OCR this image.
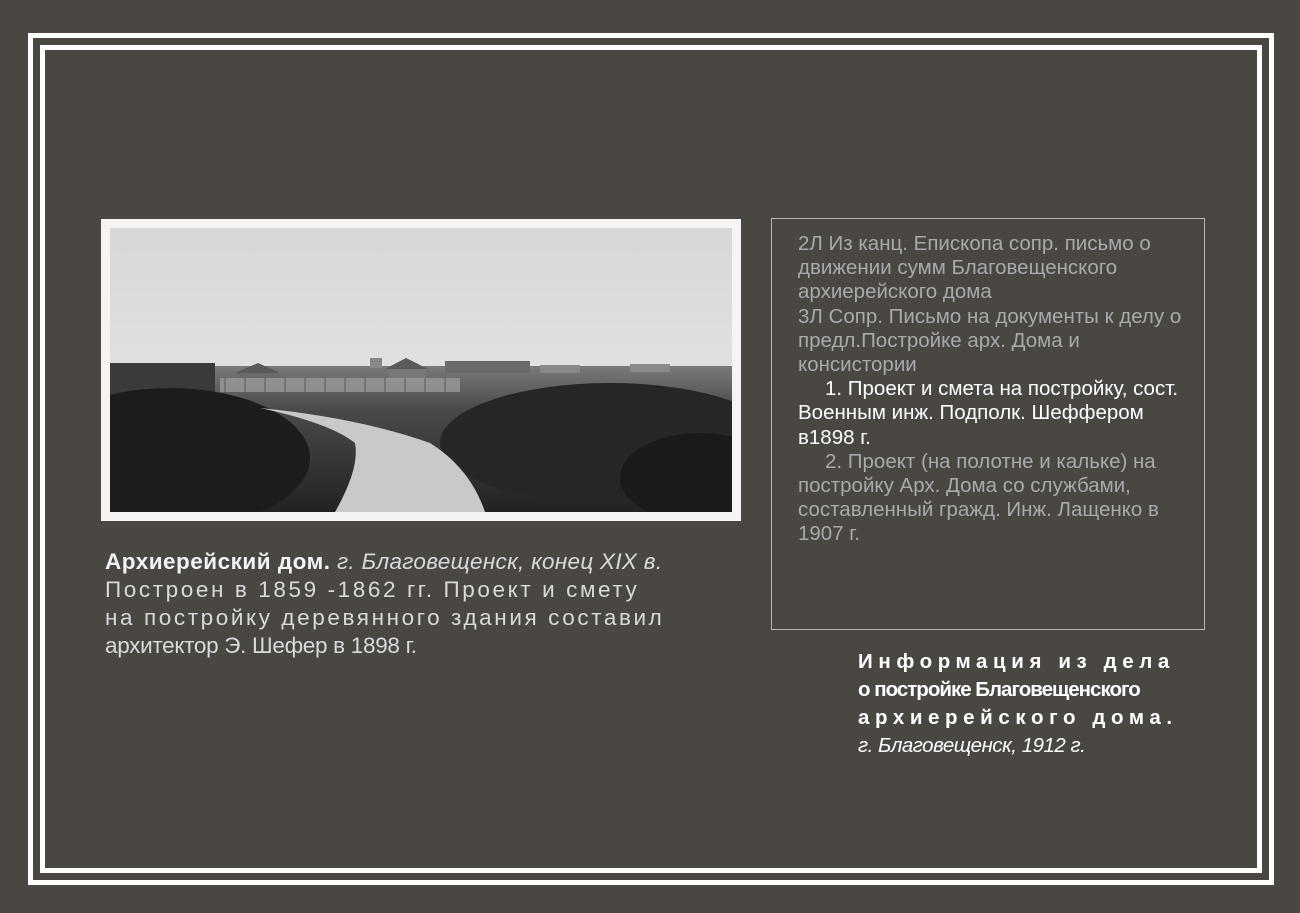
Архиерейский дом. г. Благовещенск, конец XIX в.
Построен в 1859 -1862 гг. Проект и смету
на постройку деревянного здания составил
архитектор Э. Шефер в 1898 г.

2Л Из канц. Епископа сопр. письмо о движении сумм Благовещенского архиерейского дома

3Л Сопр. Письмо на документы к делу о предл.Постройке арх. Дома и консистории

1. Проект и смета на постройку, сост. Военным инж. Подполк. Шеффером в1898 г.

2. Проект (на полотне и кальке) на постройку Арх. Дома со службами, составленный гражд. Инж. Лащенко в 1907 г.

Информация из дела
о постройке Благовещенского
архиерейского дома.
г. Благовещенск, 1912 г.
